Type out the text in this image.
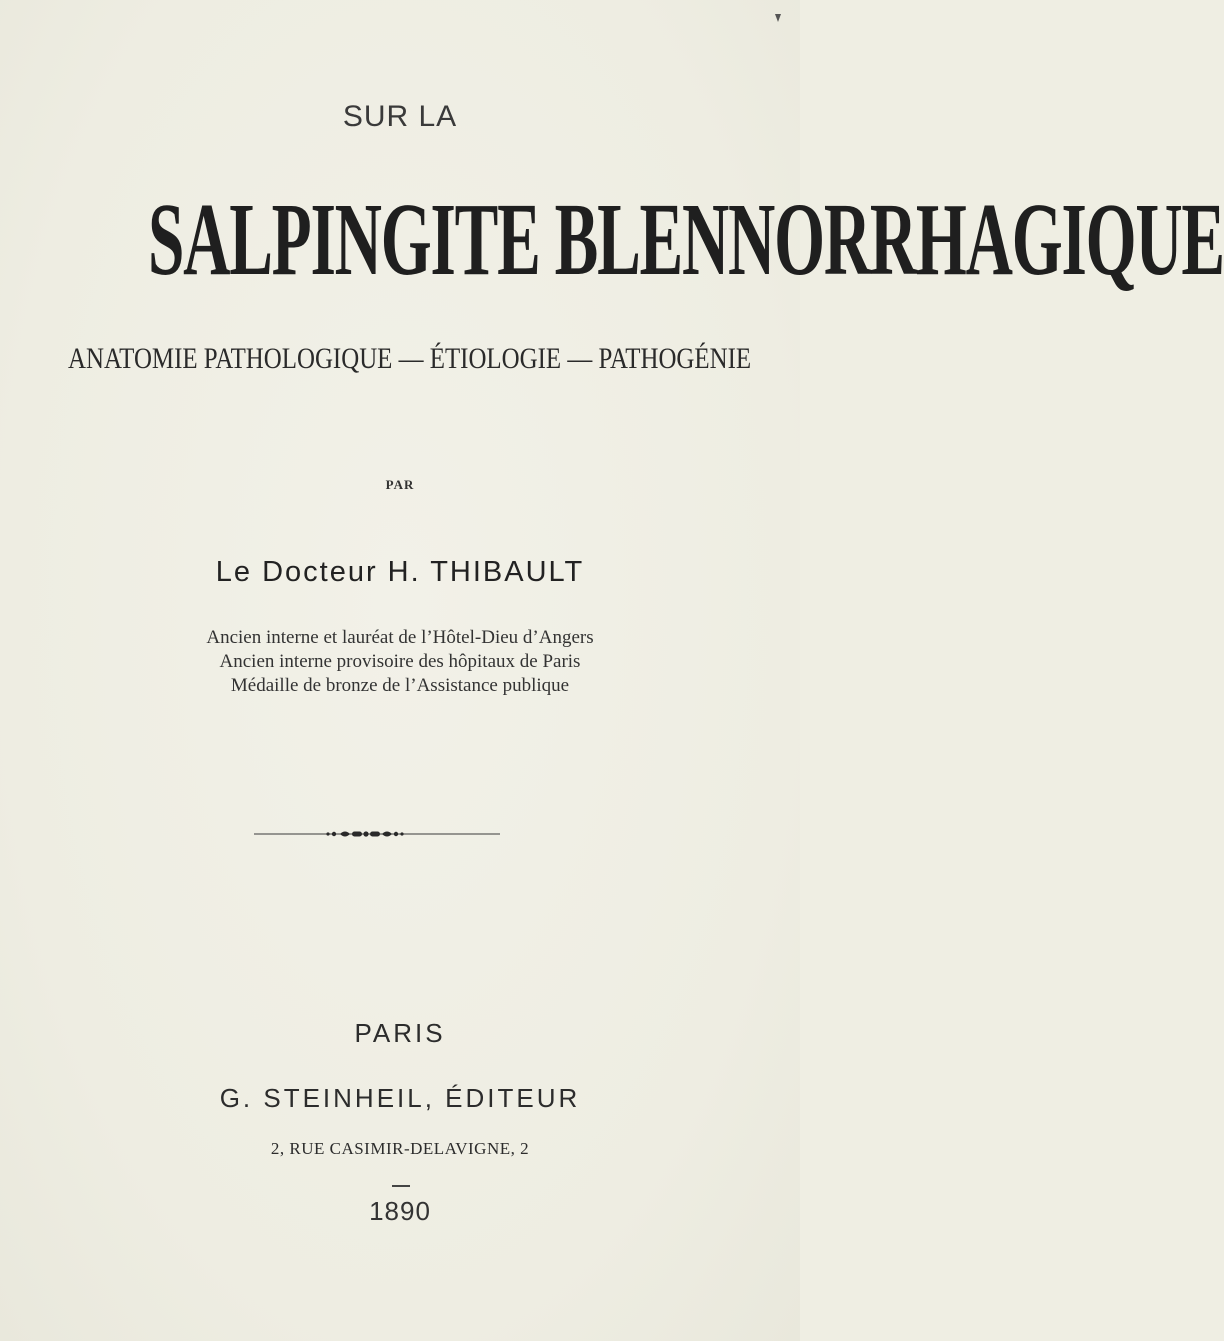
SUR LA
SALPINGITE BLENNORRHAGIQUE
ANATOMIE PATHOLOGIQUE — ÉTIOLOGIE — PATHOGÉNIE
PAR
Le Docteur H. THIBAULT
Ancien interne et lauréat de l’Hôtel-Dieu d’Angers
Ancien interne provisoire des hôpitaux de Paris
Médaille de bronze de l’Assistance publique
PARIS
G. STEINHEIL, ÉDITEUR
2, RUE CASIMIR-DELAVIGNE, 2
1890
